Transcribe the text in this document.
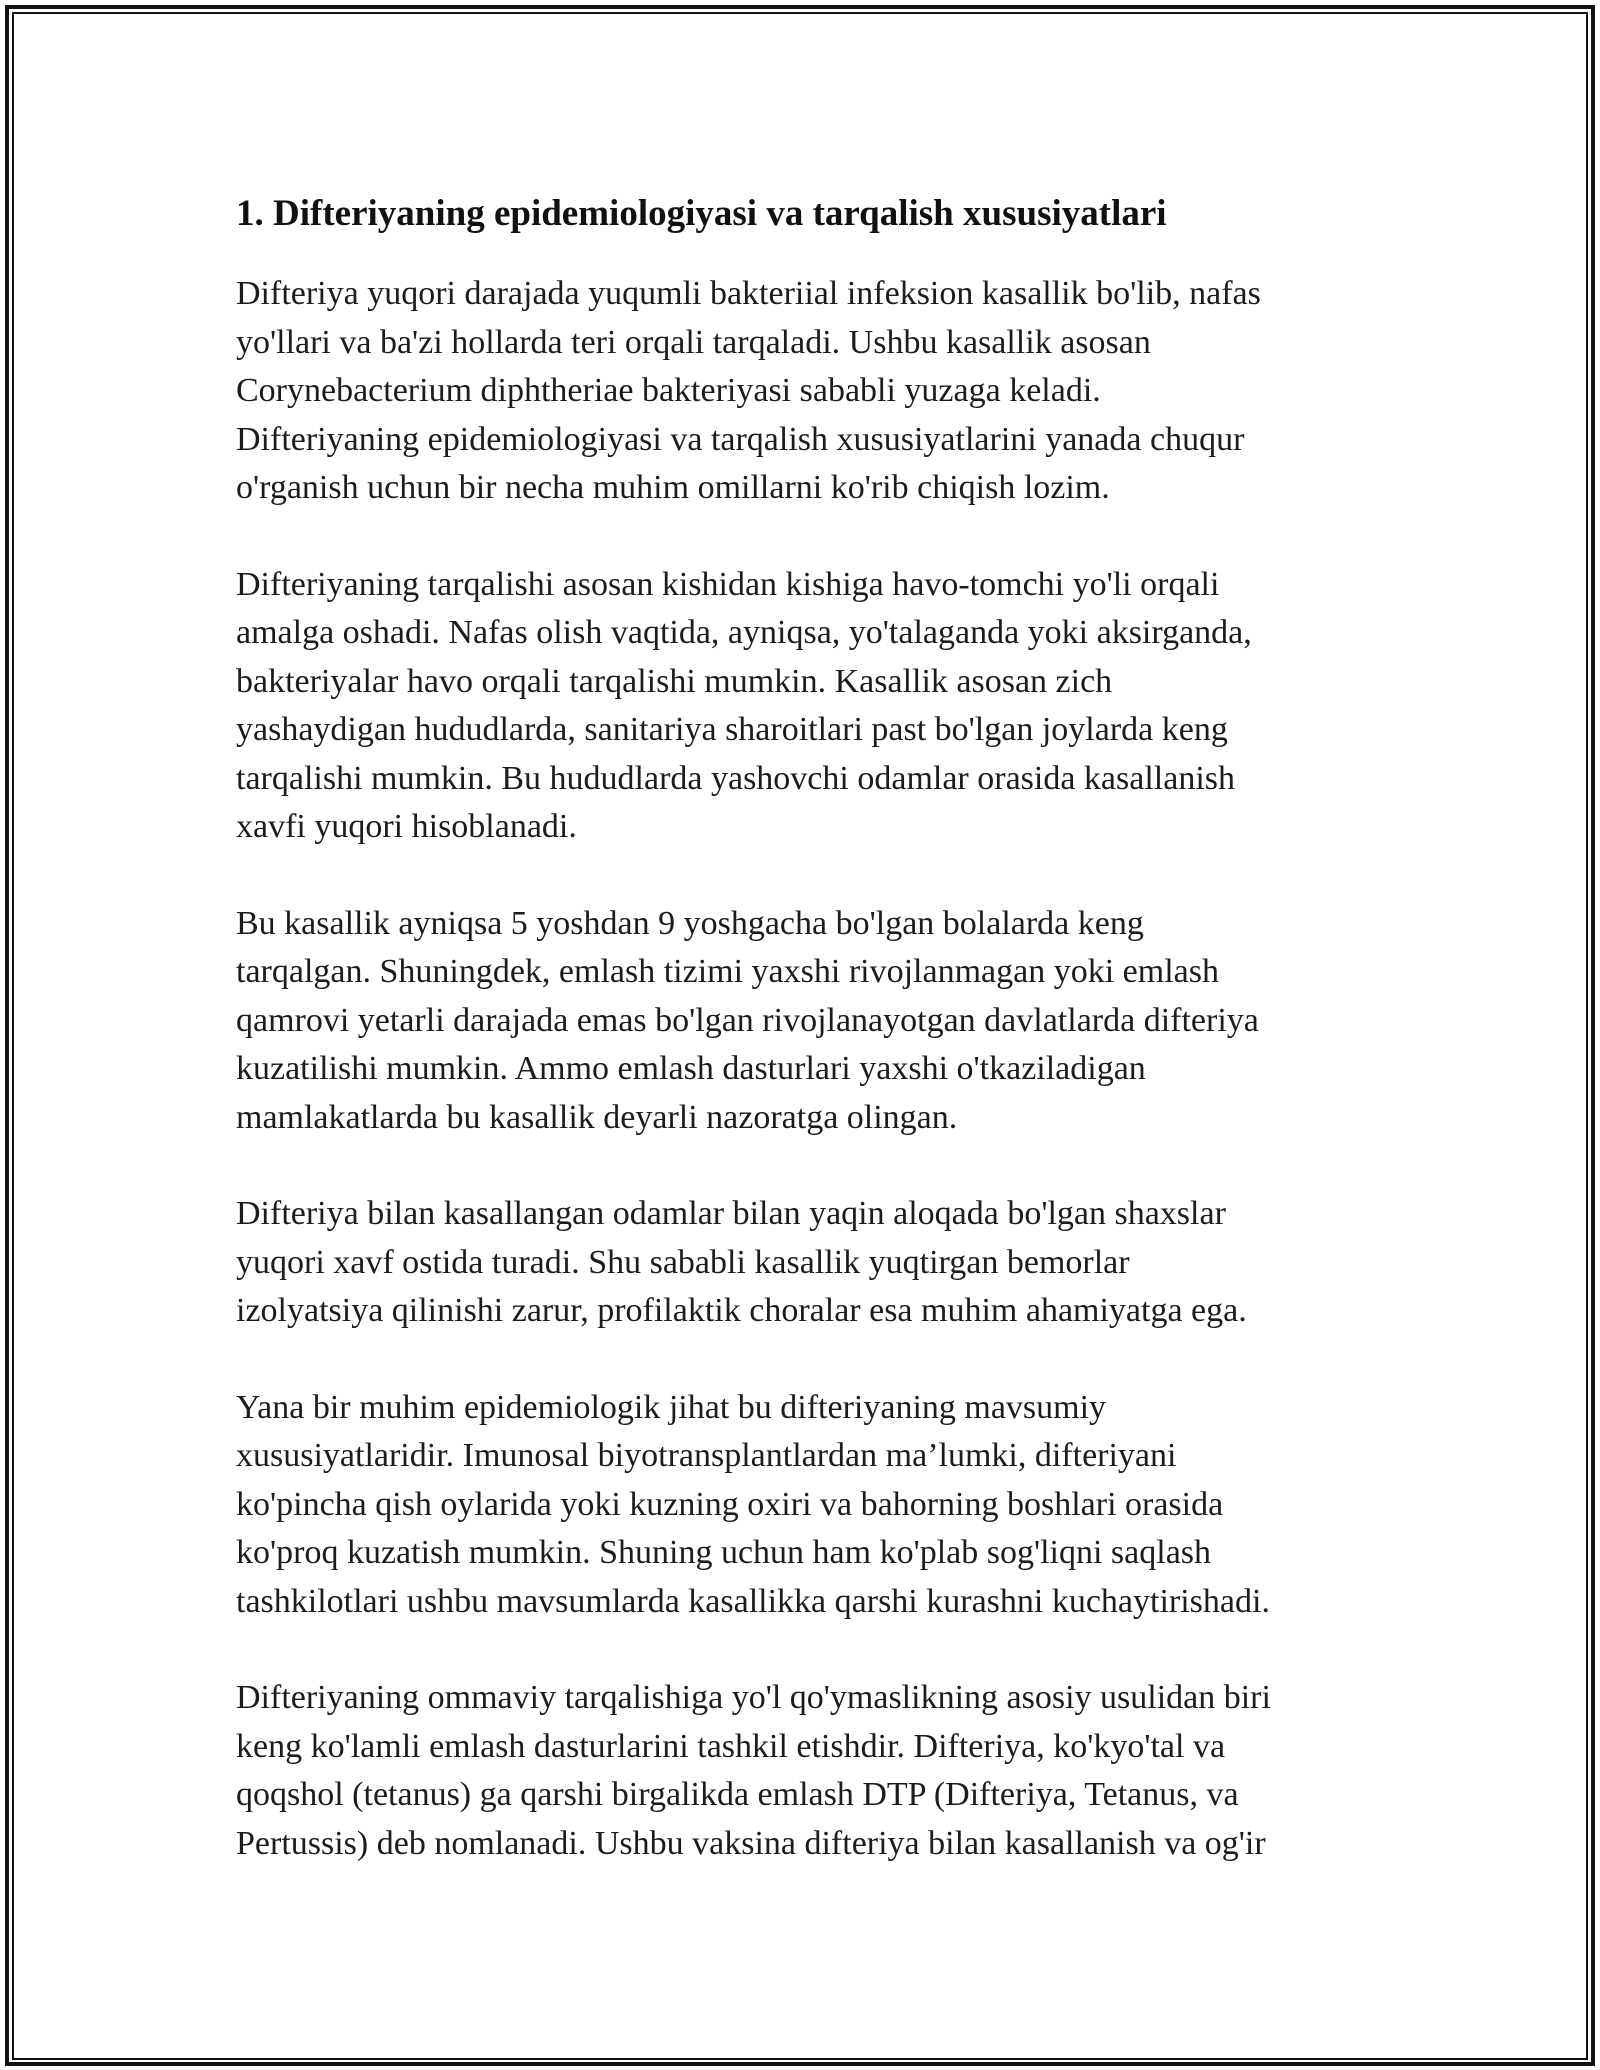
1. Difteriyaning epidemiologiyasi va tarqalish xususiyatlari

Difteriya yuqori darajada yuqumli bakteriial infeksion kasallik bo'lib, nafas
yo'llari va ba'zi hollarda teri orqali tarqaladi. Ushbu kasallik asosan
Corynebacterium diphtheriae bakteriyasi sababli yuzaga keladi.
Difteriyaning epidemiologiyasi va tarqalish xususiyatlarini yanada chuqur
o'rganish uchun bir necha muhim omillarni ko'rib chiqish lozim.

Difteriyaning tarqalishi asosan kishidan kishiga havo-tomchi yo'li orqali
amalga oshadi. Nafas olish vaqtida, ayniqsa, yo'talaganda yoki aksirganda,
bakteriyalar havo orqali tarqalishi mumkin. Kasallik asosan zich
yashaydigan hududlarda, sanitariya sharoitlari past bo'lgan joylarda keng
tarqalishi mumkin. Bu hududlarda yashovchi odamlar orasida kasallanish
xavfi yuqori hisoblanadi.

Bu kasallik ayniqsa 5 yoshdan 9 yoshgacha bo'lgan bolalarda keng
tarqalgan. Shuningdek, emlash tizimi yaxshi rivojlanmagan yoki emlash
qamrovi yetarli darajada emas bo'lgan rivojlanayotgan davlatlarda difteriya
kuzatilishi mumkin. Ammo emlash dasturlari yaxshi o'tkaziladigan
mamlakatlarda bu kasallik deyarli nazoratga olingan.

Difteriya bilan kasallangan odamlar bilan yaqin aloqada bo'lgan shaxslar
yuqori xavf ostida turadi. Shu sababli kasallik yuqtirgan bemorlar
izolyatsiya qilinishi zarur, profilaktik choralar esa muhim ahamiyatga ega.

Yana bir muhim epidemiologik jihat bu difteriyaning mavsumiy
xususiyatlaridir. Imunosal biyotransplantlardan ma’lumki, difteriyani
ko'pincha qish oylarida yoki kuzning oxiri va bahorning boshlari orasida
ko'proq kuzatish mumkin. Shuning uchun ham ko'plab sog'liqni saqlash
tashkilotlari ushbu mavsumlarda kasallikka qarshi kurashni kuchaytirishadi.

Difteriyaning ommaviy tarqalishiga yo'l qo'ymaslikning asosiy usulidan biri
keng ko'lamli emlash dasturlarini tashkil etishdir. Difteriya, ko'kyo'tal va
qoqshol (tetanus) ga qarshi birgalikda emlash DTP (Difteriya, Tetanus, va
Pertussis) deb nomlanadi. Ushbu vaksina difteriya bilan kasallanish va og'ir
